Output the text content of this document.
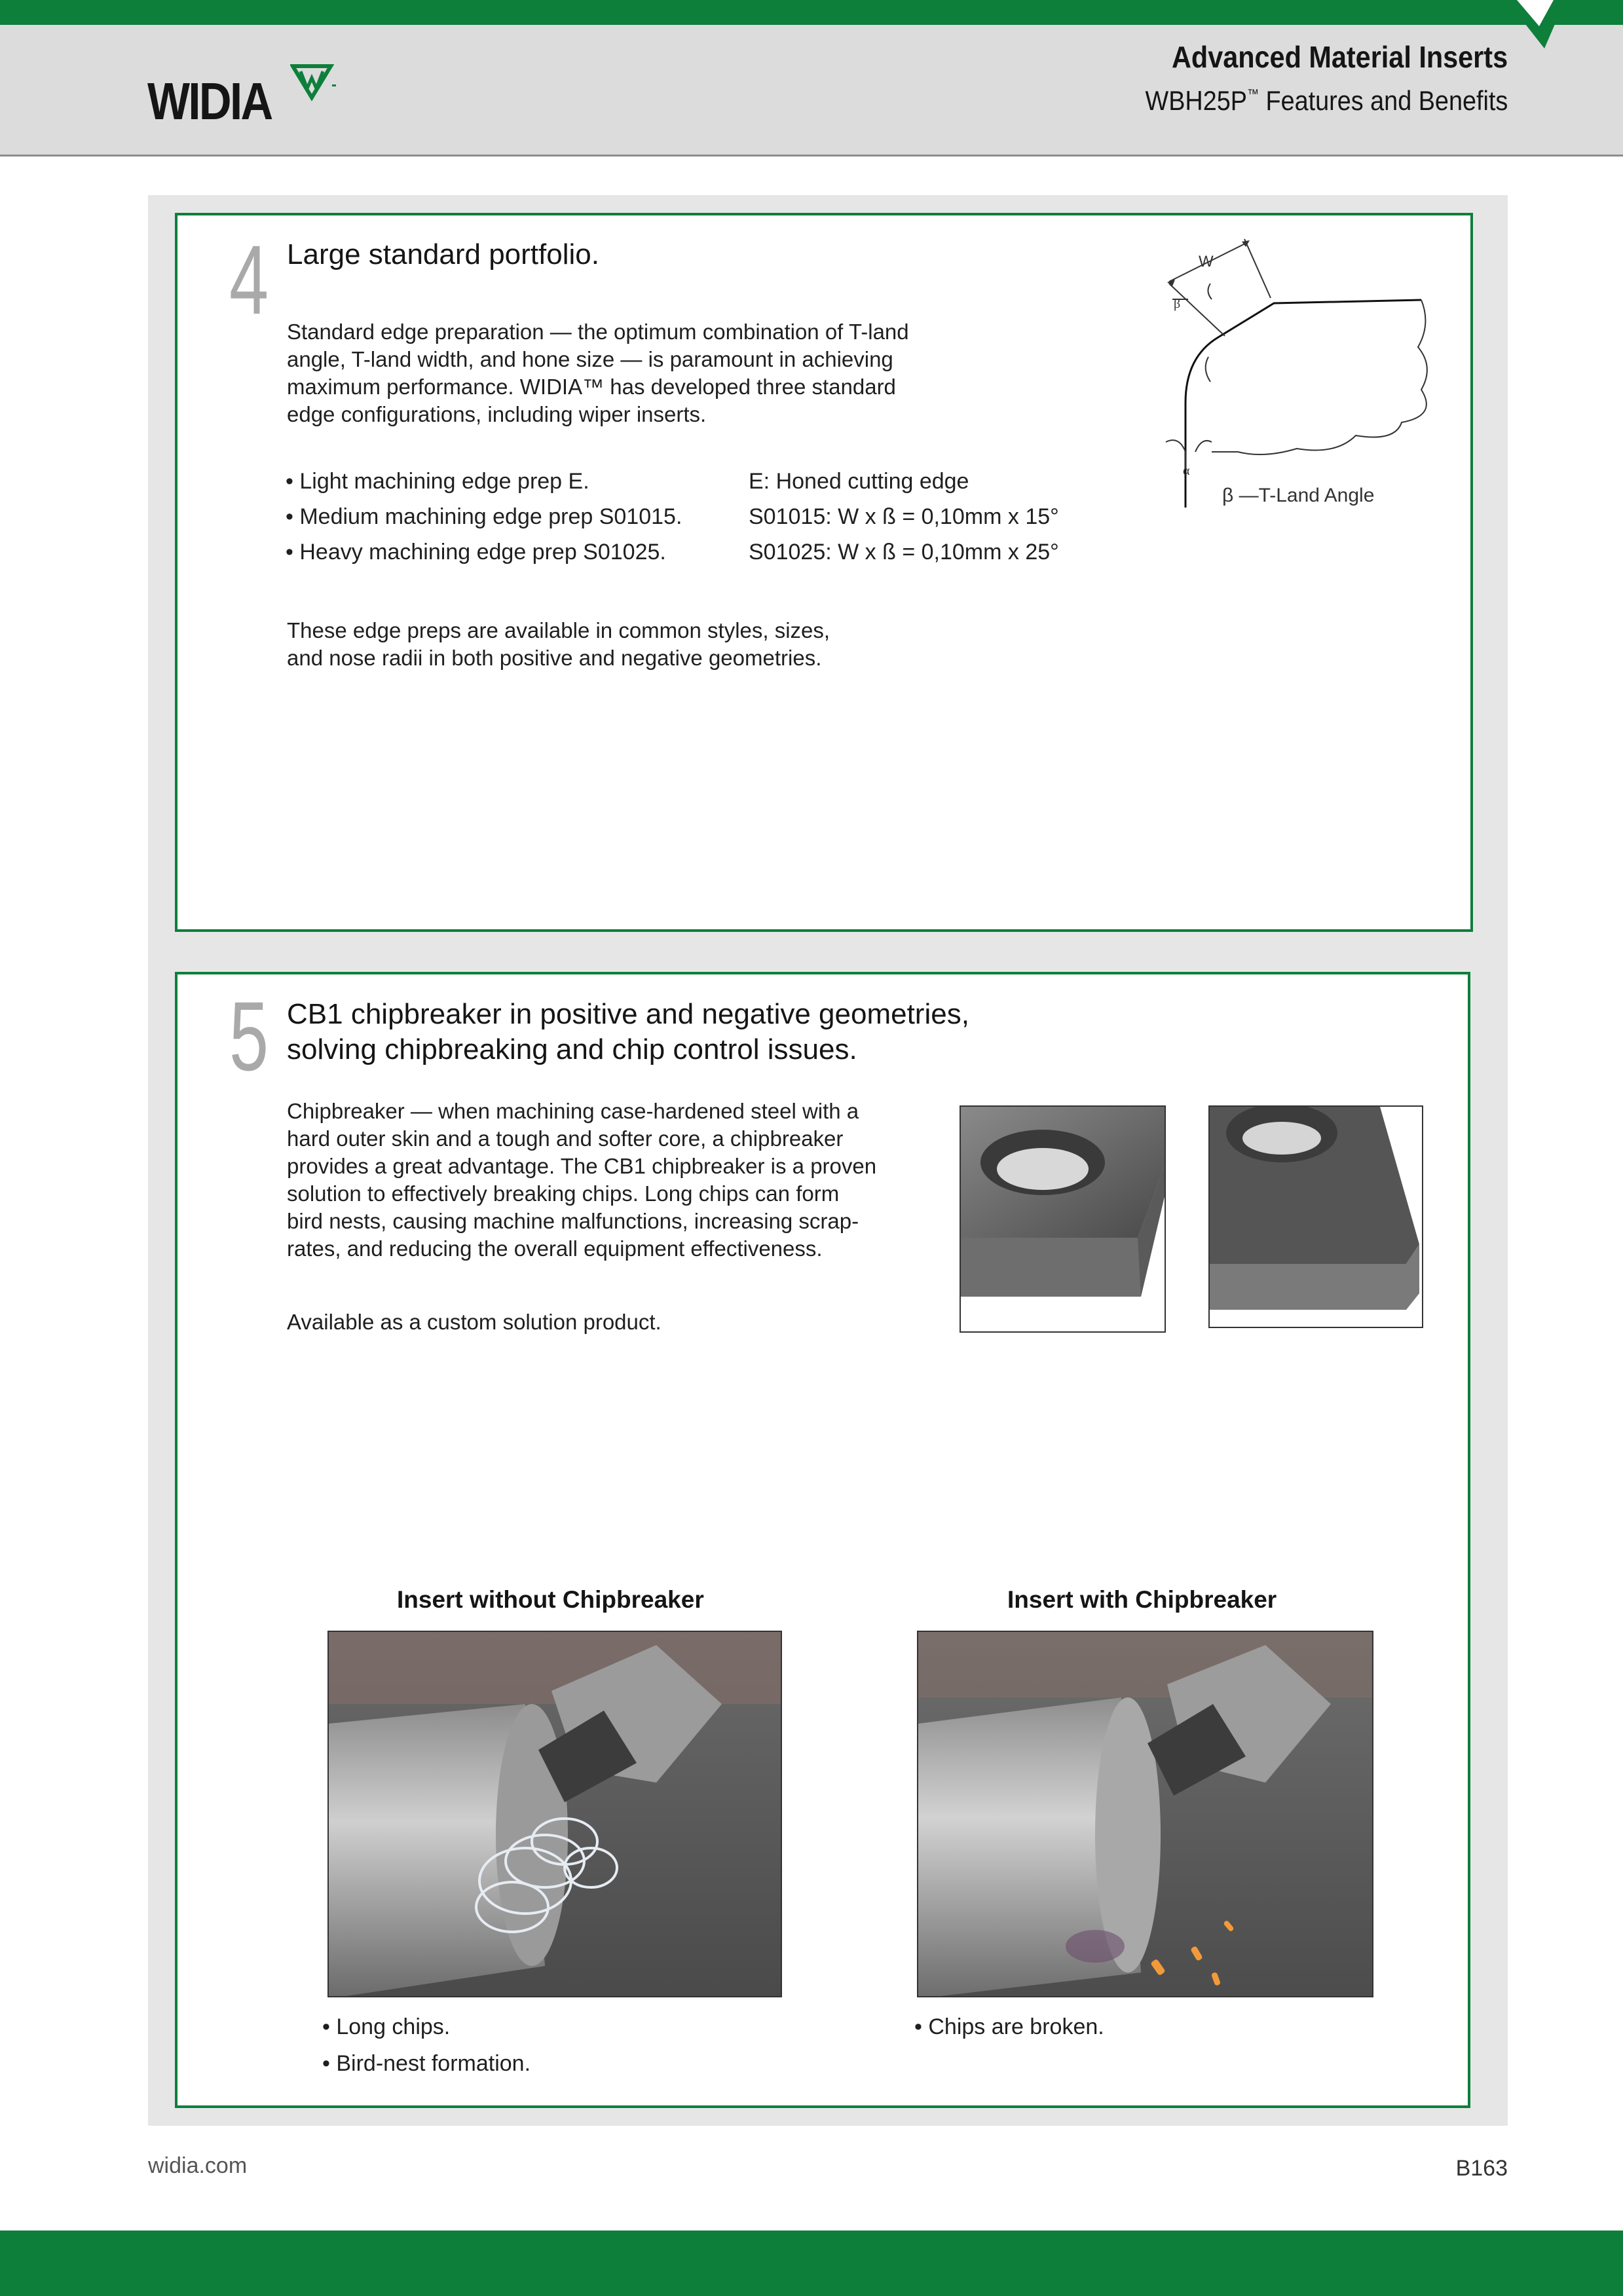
WIDIA
Advanced Material Inserts
WBH25P™ Features and Benefits
4 Large standard portfolio.
Standard edge preparation — the optimum combination of T-land
angle, T-land width, and hone size — is paramount in achieving
maximum performance. WIDIA™ has developed three standard
edge configurations, including wiper inserts.
• Light machining edge prep E.	E: Honed cutting edge
• Medium machining edge prep S01015.	S01015: W x ß = 0,10mm x 15°
• Heavy machining edge prep S01025.	S01025: W x ß = 0,10mm x 25°
These edge preps are available in common styles, sizes,
and nose radii in both positive and negative geometries.
W
β
α
β —T-Land Angle
5 CB1 chipbreaker in positive and negative geometries,
solving chipbreaking and chip control issues.
Chipbreaker — when machining case-hardened steel with a
hard outer skin and a tough and softer core, a chipbreaker
provides a great advantage. The CB1 chipbreaker is a proven
solution to effectively breaking chips. Long chips can form
bird nests, causing machine malfunctions, increasing scrap-
rates, and reducing the overall equipment effectiveness.
Available as a custom solution product.
Insert without Chipbreaker	Insert with Chipbreaker
• Long chips.
• Bird-nest formation.
• Chips are broken.
widia.com	B163
